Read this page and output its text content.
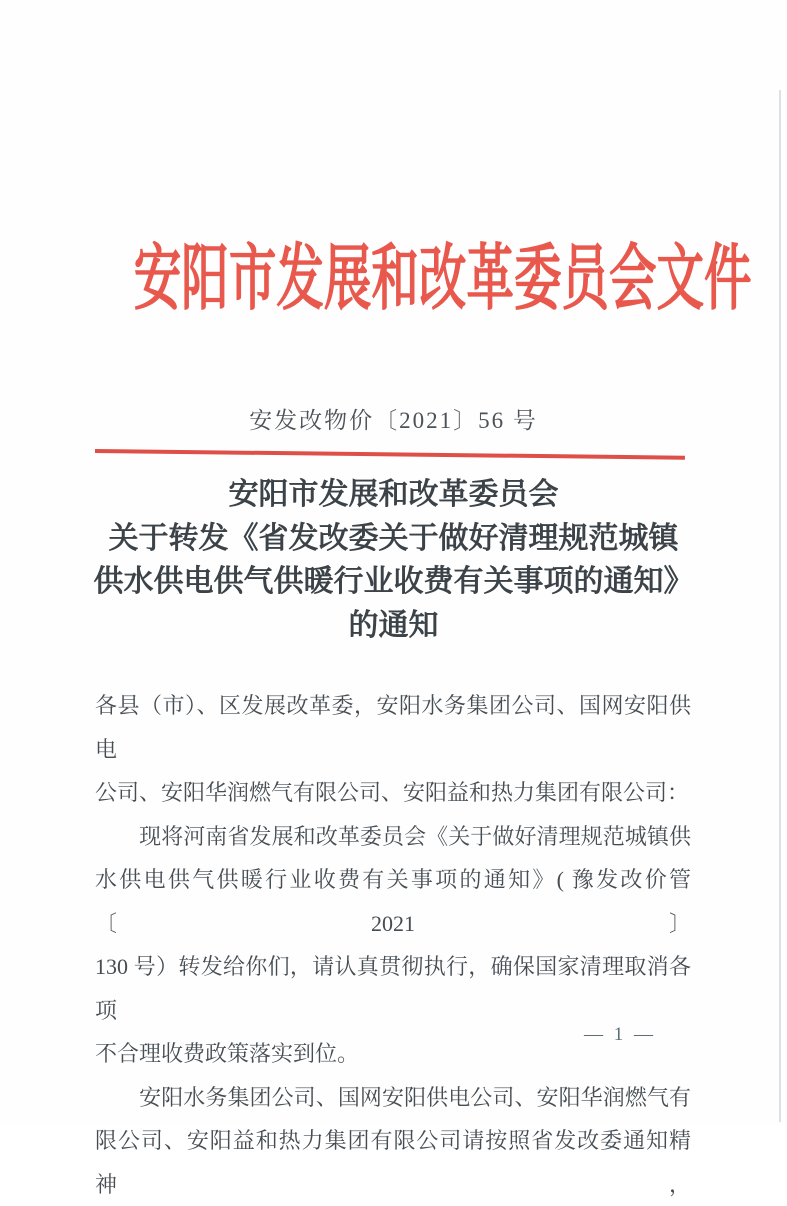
安阳市发展和改革委员会文件
安发改物价〔2021〕56 号
安阳市发展和改革委员会
关于转发《省发改委关于做好清理规范城镇
供水供电供气供暖行业收费有关事项的通知》
的通知
各县（市）、区发展改革委，安阳水务集团公司、国网安阳供电
公司、安阳华润燃气有限公司、安阳益和热力集团有限公司：
　　现将河南省发展和改革委员会《关于做好清理规范城镇供
水供电供气供暖行业收费有关事项的通知》( 豫发改价管〔2021〕
130 号）转发给你们，请认真贯彻执行，确保国家清理取消各项
不合理收费政策落实到位。
　　安阳水务集团公司、国网安阳供电公司、安阳华润燃气有
限公司、安阳益和热力集团有限公司请按照省发改委通知精神，
— 1 —
